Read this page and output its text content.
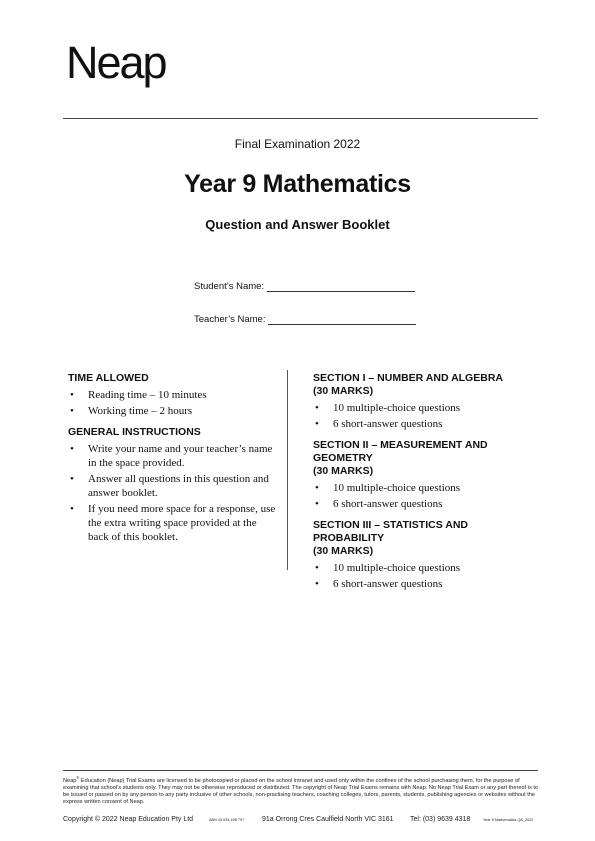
Neap
Final Examination 2022
Year 9 Mathematics
Question and Answer Booklet
Student’s Name:
Teacher’s Name:

TIME ALLOWED

• Reading time – 10 minutes
• Working time – 2 hours

GENERAL INSTRUCTIONS

• Write your name and your teacher’s name in the space provided.
• Answer all questions in this question and answer booklet.
• If you need more space for a response, use the extra writing space provided at the back of this booklet.

SECTION I – NUMBER AND ALGEBRA

(30 MARKS)

• 10 multiple-choice questions
• 6 short-answer questions

SECTION II – MEASUREMENT AND GEOMETRY

(30 MARKS)

• 10 multiple-choice questions
• 6 short-answer questions

SECTION III – STATISTICS AND PROBABILITY

(30 MARKS)

• 10 multiple-choice questions
• 6 short-answer questions
Neap® Education (Neap) Trial Exams are licensed to be photocopied or placed on the school intranet and used only within the confines of the school purchasing them, for the purpose of examining that school’s students only. They may not be otherwise reproduced or distributed. The copyright of Neap Trial Exams remains with Neap. No Neap Trial Exam or any part thereof is to be issued or passed on by any person to any party inclusive of other schools, non-practising teachers, coaching colleges, tutors, parents, students, publishing agencies or websites without the express written consent of Neap.
Copyright © 2022 Neap Education Pty Ltd	ABN 43 634 498 797	91a Orrong Cres Caulfield North VIC 3161 Tel: (03) 9639 4318	Year 9 Mathematics QA_2022
